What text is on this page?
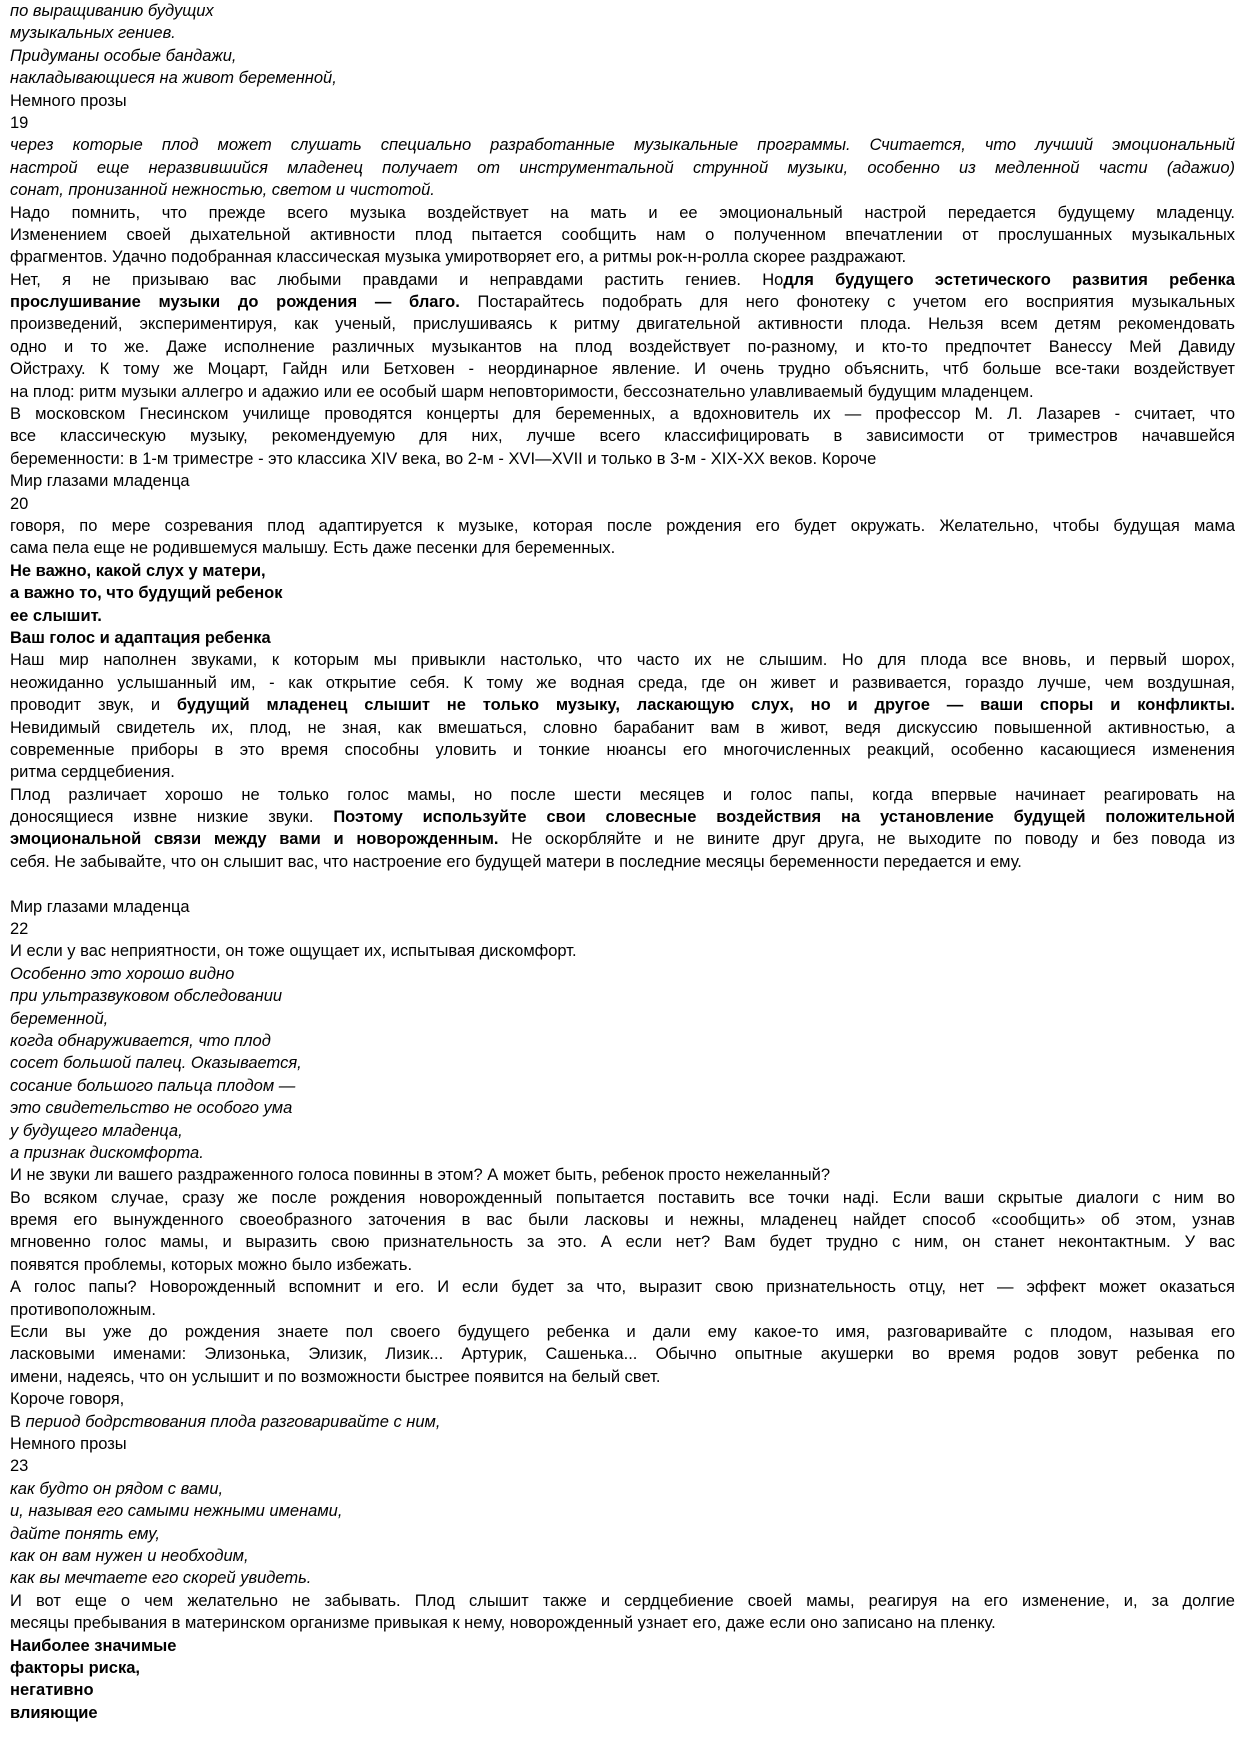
по выращиванию будущих
музыкальных гениев.
Придуманы особые бандажи,
накладывающиеся на живот беременной,
Немного прозы
19
через которые плод может слушать специально разработанные музыкальные программы. Считается, что лучший эмоциональный
настрой еще неразвившийся младенец получает от инструментальной струнной музыки, особенно из медленной части (адажио)
сонат, пронизанной нежностью, светом и чистотой.
Надо помнить, что прежде всего музыка воздействует на мать и ее эмоциональный настрой передается будущему младенцу.
Изменением своей дыхательной активности плод пытается сообщить нам о полученном впечатлении от прослушанных музыкальных
фрагментов. Удачно подобранная классическая музыка умиротворяет его, а ритмы рок-н-ролла скорее раздражают.
Нет, я не призываю вас любыми правдами и неправдами растить гениев. Нодля будущего эстетического развития ребенка
прослушивание музыки до рождения — благо. Постарайтесь подобрать для него фонотеку с учетом его восприятия музыкальных
произведений, экспериментируя, как ученый, прислушиваясь к ритму двигательной активности плода. Нельзя всем детям рекомендовать
одно и то же. Даже исполнение различных музыкантов на плод воздействует по-разному, и кто-то предпочтет Ванессу Мей Давиду
Ойстраху. К тому же Моцарт, Гайдн или Бетховен - неординарное явление. И очень трудно объяснить, чтб больше все-таки воздействует
на плод: ритм музыки аллегро и адажио или ее особый шарм неповторимости, бессознательно улавливаемый будущим младенцем.
В московском Гнесинском училище проводятся концерты для беременных, а вдохновитель их — профессор М. Л. Лазарев - считает, что
все классическую музыку, рекомендуемую для них, лучше всего классифицировать в зависимости от триместров начавшейся
беременности: в 1-м триместре - это классика XIV века, во 2-м - XVI—XVII и только в 3-м - XIX-XX веков. Короче
Мир глазами младенца
20
говоря, по мере созревания плод адаптируется к музыке, которая после рождения его будет окружать. Желательно, чтобы будущая мама
сама пела еще не родившемуся малышу. Есть даже песенки для беременных.
Не важно, какой слух у матери,
а важно то, что будущий ребенок
ее слышит.
Ваш голос и адаптация ребенка
Наш мир наполнен звуками, к которым мы привыкли настолько, что часто их не слышим. Но для плода все вновь, и первый шорох,
неожиданно услышанный им, - как открытие себя. К тому же водная среда, где он живет и развивается, гораздо лучше, чем воздушная,
проводит звук, и будущий младенец слышит не только музыку, ласкающую слух, но и другое — ваши споры и конфликты.
Невидимый свидетель их, плод, не зная, как вмешаться, словно барабанит вам в живот, ведя дискуссию повышенной активностью, а
современные приборы в это время способны уловить и тонкие нюансы его многочисленных реакций, особенно касающиеся изменения
ритма сердцебиения.
Плод различает хорошо не только голос мамы, но после шести месяцев и голос папы, когда впервые начинает реагировать на
доносящиеся извне низкие звуки. Поэтому используйте свои словесные воздействия на установление будущей положительной
эмоциональной связи между вами и новорожденным. Не оскорбляйте и не вините друг друга, не выходите по поводу и без повода из
себя. Не забывайте, что он слышит вас, что настроение его будущей матери в последние месяцы беременности передается и ему.
Мир глазами младенца
22
И если у вас неприятности, он тоже ощущает их, испытывая дискомфорт.
Особенно это хорошо видно
при ультразвуковом обследовании
беременной,
когда обнаруживается, что плод
сосет большой палец. Оказывается,
сосание большого пальца плодом —
это свидетельство не особого ума
у будущего младенца,
а признак дискомфорта.
И не звуки ли вашего раздраженного голоса повинны в этом? А может быть, ребенок просто нежеланный?
Во всяком случае, сразу же после рождения новорожденный попытается поставить все точки надi. Если ваши скрытые диалоги с ним во
время его вынужденного своеобразного заточения в вас были ласковы и нежны, младенец найдет способ «сообщить» об этом, узнав
мгновенно голос мамы, и выразить свою признательность за это. А если нет? Вам будет трудно с ним, он станет неконтактным. У вас
появятся проблемы, которых можно было избежать.
А голос папы? Новорожденный вспомнит и его. И если будет за что, выразит свою признательность отцу, нет — эффект может оказаться
противоположным.
Если вы уже до рождения знаете пол своего будущего ребенка и дали ему какое-то имя, разговаривайте с плодом, называя его
ласковыми именами: Элизонька, Элизик, Лизик... Артурик, Сашенька... Обычно опытные акушерки во время родов зовут ребенка по
имени, надеясь, что он услышит и по возможности быстрее появится на белый свет.
Короче говоря,
В период бодрствования плода разговаривайте с ним,
Немного прозы
23
как будто он рядом с вами,
и, называя его самыми нежными именами,
дайте понять ему,
как он вам нужен и необходим,
как вы мечтаете его скорей увидеть.
И вот еще о чем желательно не забывать. Плод слышит также и сердцебиение своей мамы, реагируя на его изменение, и, за долгие
месяцы пребывания в материнском организме привыкая к нему, новорожденный узнает его, даже если оно записано на пленку.
Наиболее значимые
факторы риска,
негативно
влияющие
